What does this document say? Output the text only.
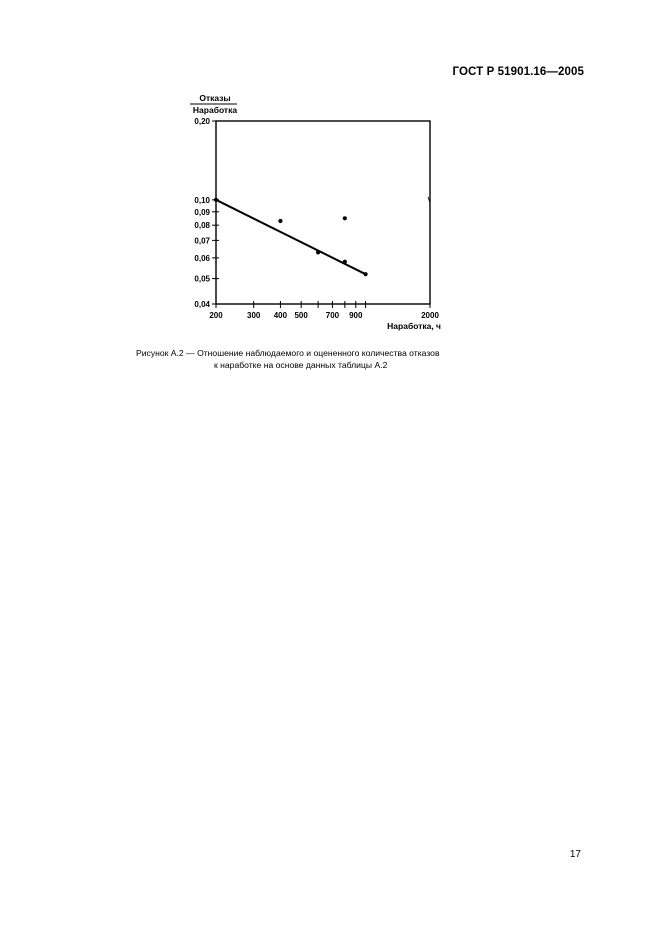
ГОСТ Р 51901.16—2005
0,04
0,05
0,06
0,07
0,08
0,09
0,10
0,20
200	300 400 500 700 900	2000
Отказы
Наработка
Наработка, ч
Рисунок А.2 — Отношение наблюдаемого и оцененного количества отказов
к наработке на основе данных таблицы А.2
17
